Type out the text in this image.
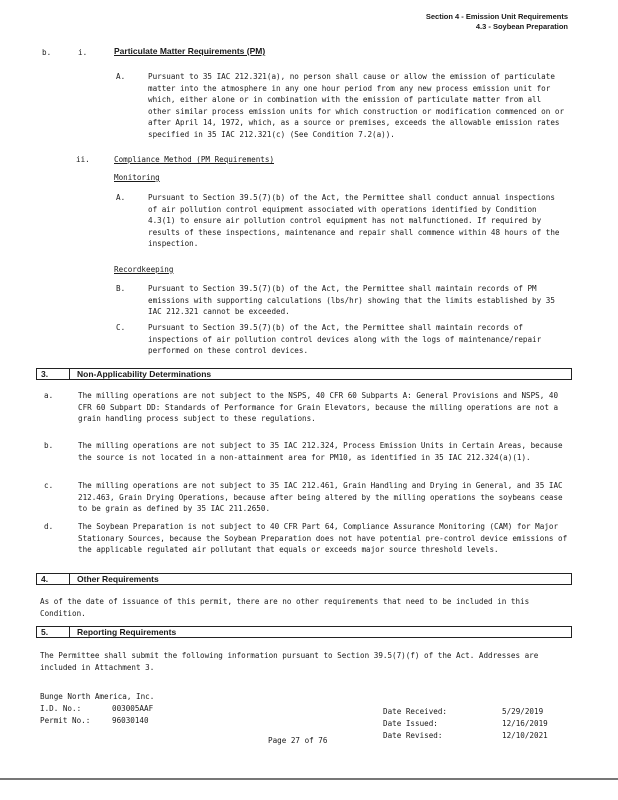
Section 4 - Emission Unit Requirements
4.3 - Soybean Preparation
b.	i.	Particulate Matter Requirements (PM)
A.	Pursuant to 35 IAC 212.321(a), no person shall cause or allow the emission of particulate matter into the atmosphere in any one hour period from any new process emission unit for which, either alone or in combination with the emission of particulate matter from all other similar process emission units for which construction or modification commenced on or after April 14, 1972, which, as a source or premises, exceeds the allowable emission rates specified in 35 IAC 212.321(c) (See Condition 7.2(a)).
ii.	Compliance Method (PM Requirements)
Monitoring
A.	Pursuant to Section 39.5(7)(b) of the Act, the Permittee shall conduct annual inspections of air pollution control equipment associated with operations identified by Condition 4.3(1) to ensure air pollution control equipment has not malfunctioned. If required by results of these inspections, maintenance and repair shall commence within 48 hours of the inspection.
Recordkeeping
B.	Pursuant to Section 39.5(7)(b) of the Act, the Permittee shall maintain records of PM emissions with supporting calculations (lbs/hr) showing that the limits established by 35 IAC 212.321 cannot be exceeded.
C.	Pursuant to Section 39.5(7)(b) of the Act, the Permittee shall maintain records of inspections of air pollution control devices along with the logs of maintenance/repair performed on these control devices.
3.	Non-Applicability Determinations
a.	The milling operations are not subject to the NSPS, 40 CFR 60 Subparts A: General Provisions and NSPS, 40 CFR 60 Subpart DD: Standards of Performance for Grain Elevators, because the milling operations are not a grain handling process subject to these regulations.
b.	The milling operations are not subject to 35 IAC 212.324, Process Emission Units in Certain Areas, because the source is not located in a non-attainment area for PM10, as identified in 35 IAC 212.324(a)(1).
c.	The milling operations are not subject to 35 IAC 212.461, Grain Handling and Drying in General, and 35 IAC 212.463, Grain Drying Operations, because after being altered by the milling operations the soybeans cease to be grain as defined by 35 IAC 211.2650.
d.	The Soybean Preparation is not subject to 40 CFR Part 64, Compliance Assurance Monitoring (CAM) for Major Stationary Sources, because the Soybean Preparation does not have potential pre-control device emissions of the applicable regulated air pollutant that equals or exceeds major source threshold levels.
4.	Other Requirements
As of the date of issuance of this permit, there are no other requirements that need to be included in this Condition.
5.	Reporting Requirements
The Permittee shall submit the following information pursuant to Section 39.5(7)(f) of the Act. Addresses are included in Attachment 3.
Bunge North America, Inc.
I.D. No.:	003005AAF
Permit No.:	96030140
Date Received:	5/29/2019
Date Issued:	12/16/2019
Date Revised:	12/10/2021
Page 27 of 76
